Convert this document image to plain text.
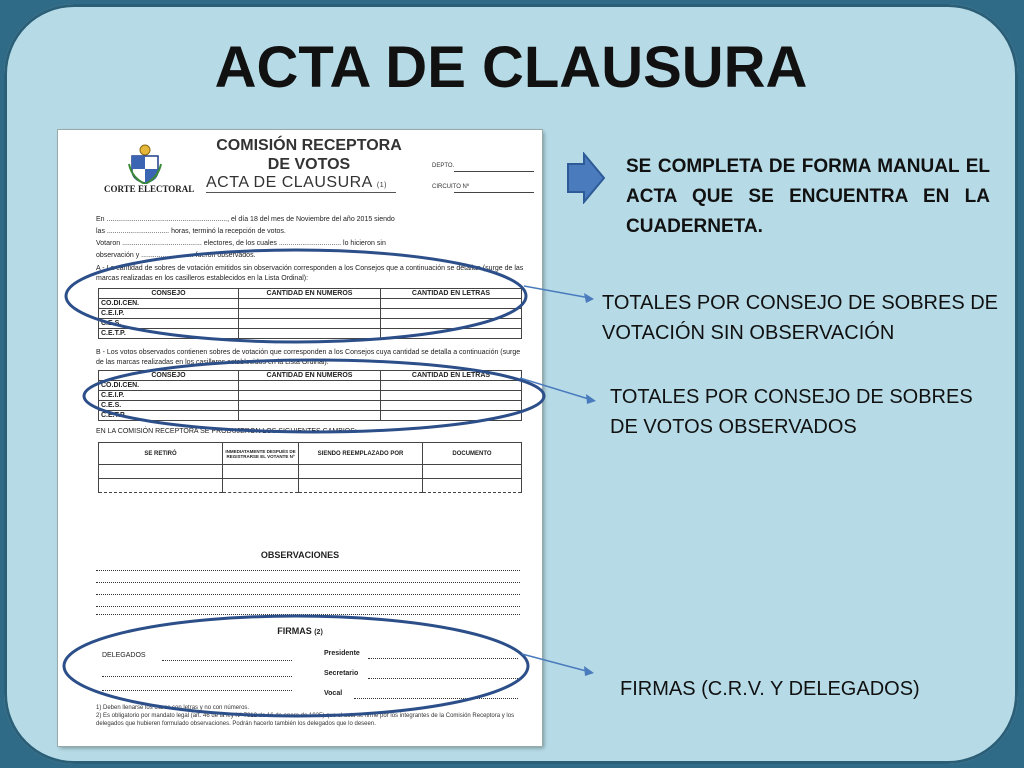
ACTA DE CLAUSURA
CORTE ELECTORAL
COMISIÓN RECEPTORA
DE VOTOS
ACTA DE CLAUSURA (1)
DEPTO.
CIRCUITO Nº
En .............................................................., el día 18 del mes de Noviembre del año 2015 siendo
las ................................ horas, terminó la recepción de votos.
Votaron ......................................... electores, de los cuales ................................ lo hicieron sin
observación y ........................... fueron observados.
A - La cantidad de sobres de votación emitidos sin observación corresponden a los Consejos que a continuación se detallan (surge de las marcas realizadas en los casilleros establecidos en la Lista Ordinal):
CONSEJO	CANTIDAD EN NUMEROS	CANTIDAD EN LETRAS
CO.DI.CEN.		
C.E.I.P.		
C.E.S.		
C.E.T.P.		
B - Los votos observados contienen sobres de votación que corresponden a los Consejos cuya cantidad se detalla a continuación (surge de las marcas realizadas en los casilleros establecidos en la Lista Ordinal):
CONSEJO	CANTIDAD EN NUMEROS	CANTIDAD EN LETRAS
CO.DI.CEN.		
C.E.I.P.		
C.E.S.		
C.E.T.P.		
EN LA COMISIÓN RECEPTORA SE PRODUJERON LOS SIGUIENTES CAMBIOS:
SE RETIRÓ	INMEDIATAMENTE DESPUÉS DE REGISTRARSE EL VOTANTE Nº	SIENDO REEMPLAZADO POR	DOCUMENTO

OBSERVACIONES
FIRMAS (2)
DELEGADOS	Presidente
Secretario
Vocal
1) Deben llenarse los claros con letras y no con números.
2) Es obligatorio por mandato legal (art. 46 de la ley Nº 7812 de 16 de enero de 1925) que el acta se firme por los integrantes de la Comisión Receptora y los delegados que hubieren formulado observaciones. Podrán hacerlo también los delegados que lo deseen.
SE COMPLETA DE FORMA MANUAL EL ACTA QUE SE ENCUENTRA EN LA CUADERNETA.
TOTALES POR CONSEJO DE SOBRES DE VOTACIÓN SIN OBSERVACIÓN
TOTALES POR CONSEJO DE SOBRES DE VOTOS OBSERVADOS
FIRMAS (C.R.V. Y DELEGADOS)
